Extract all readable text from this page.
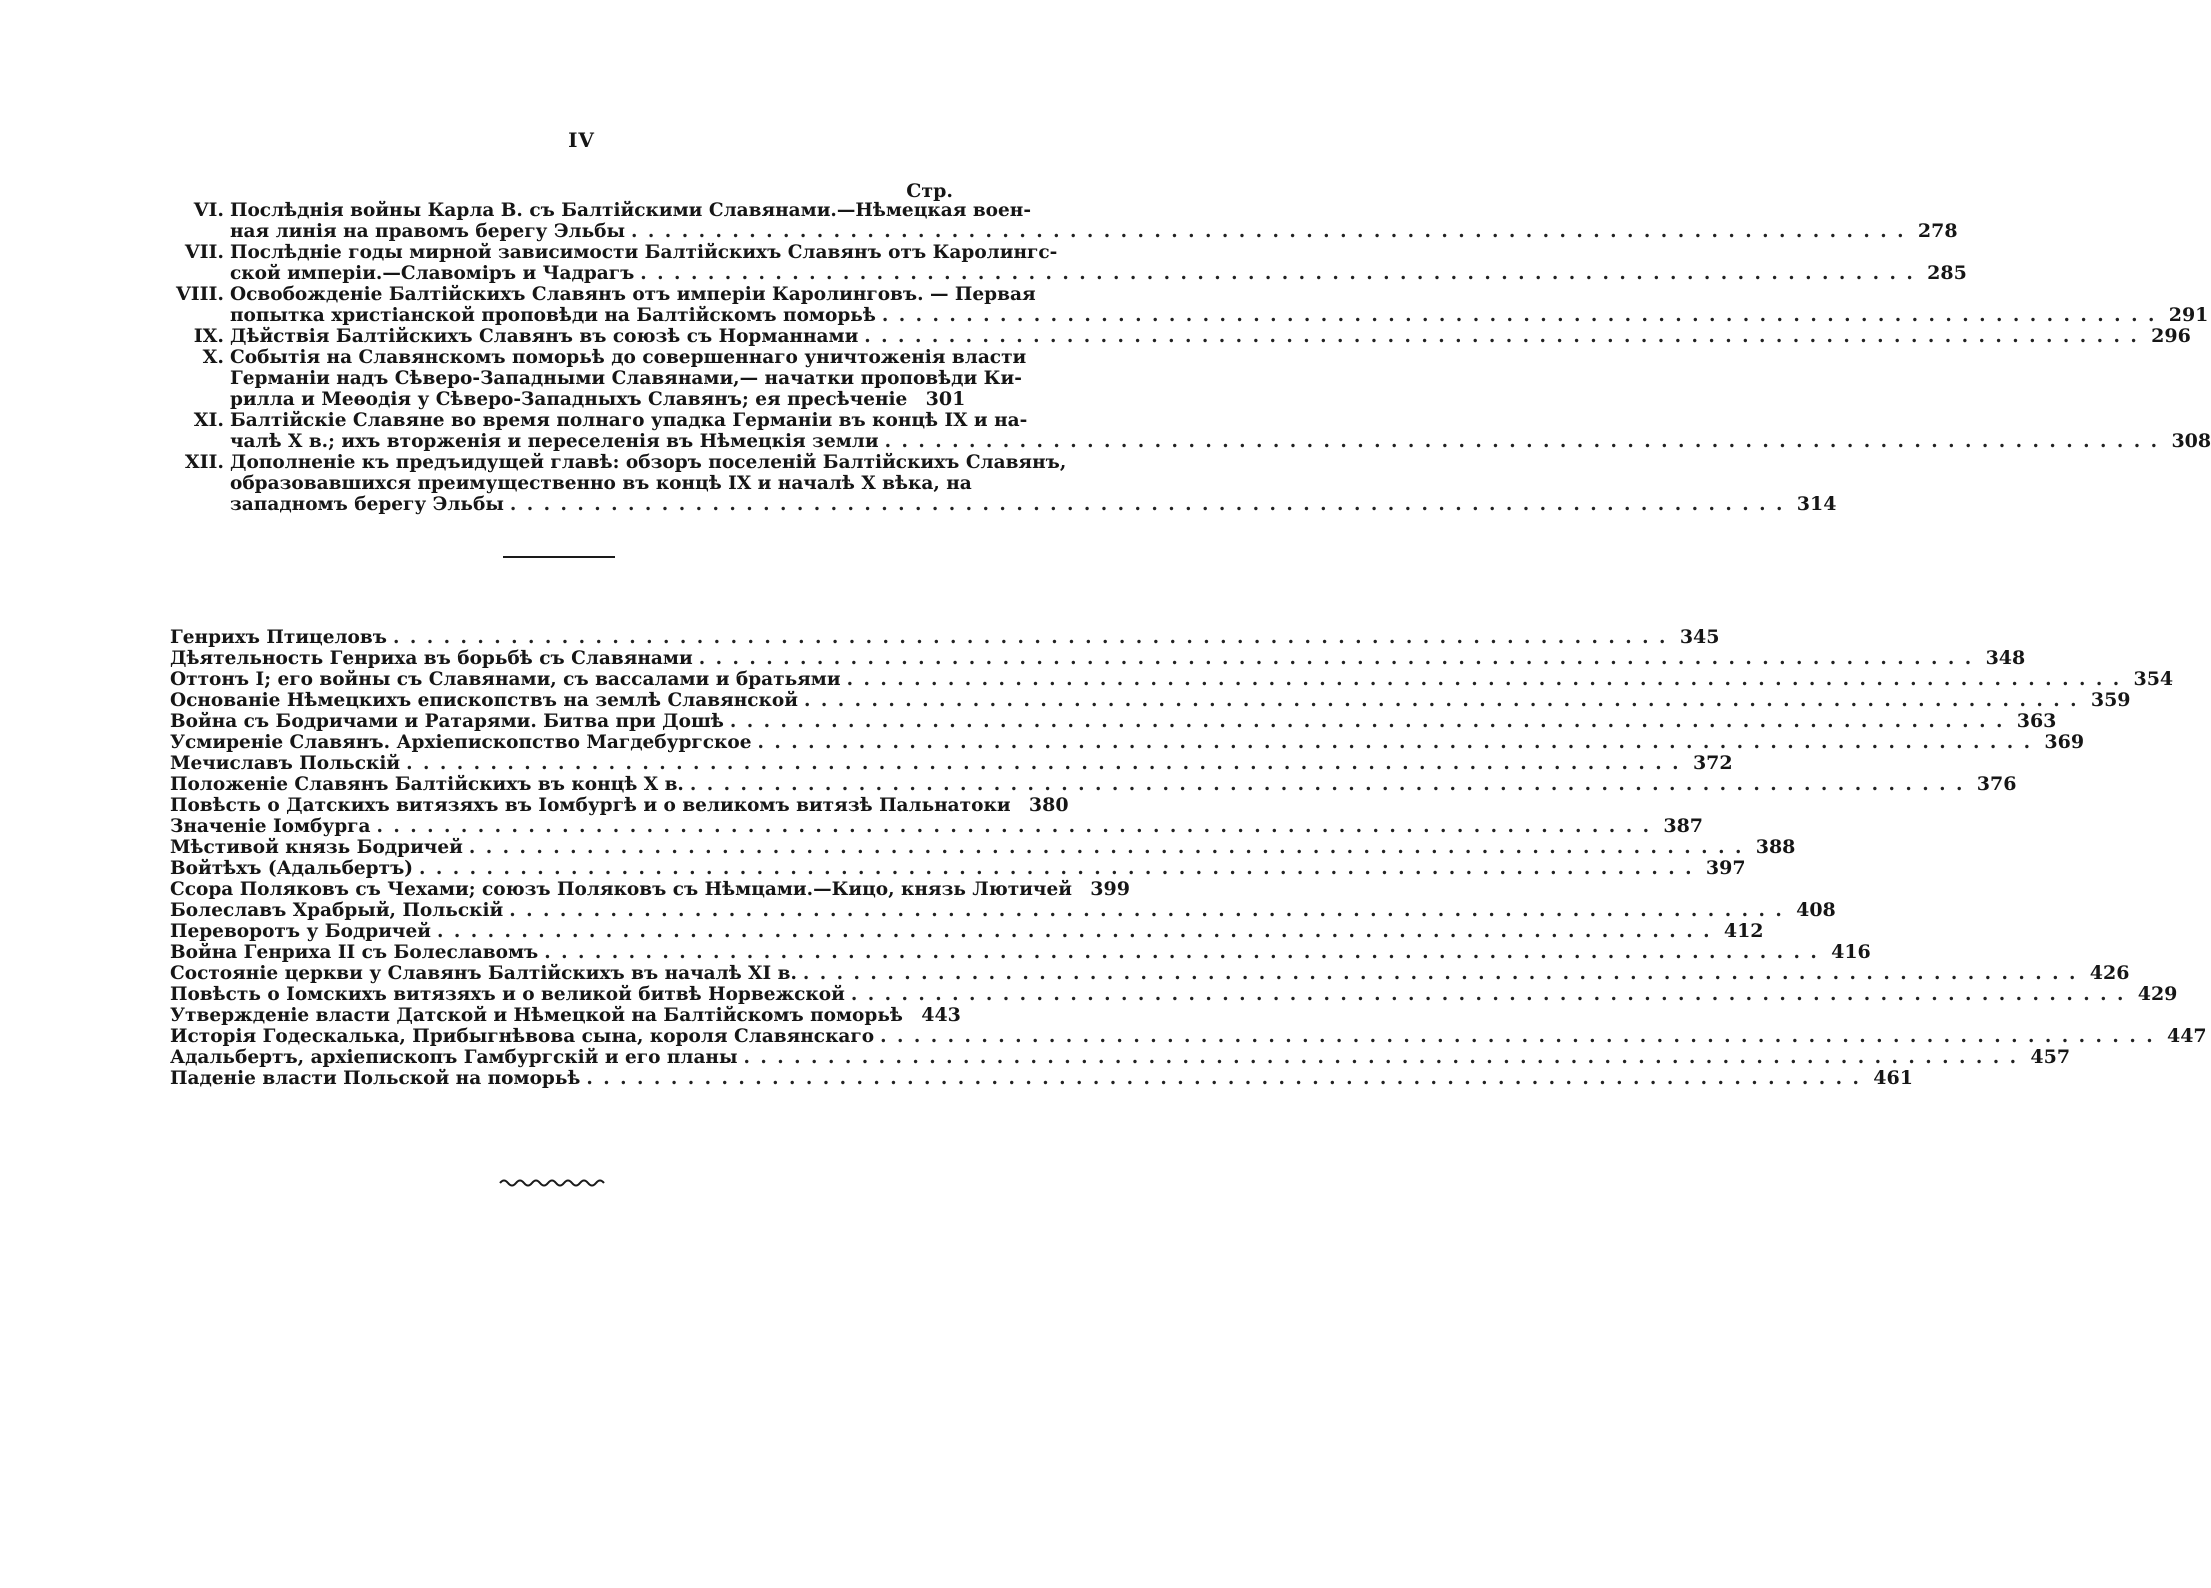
IV
Стр.
VI. Послѣднія войны Карла В. съ Балтійскими Славянами.—Нѣмецкая воен-
ная линія на правомъ берегу Эльбы . . .	278
VII. Послѣдніе годы мирной зависимости Балтійскихъ Славянъ отъ Каролингс-
ской имперіи.—Славоміръ и Чадрагъ . . .	285
VIII. Освобожденіе Балтійскихъ Славянъ отъ имперіи Каролинговъ. — Первая
попытка христіанской проповѣди на Балтійскомъ поморьѣ . . .	291
IX. Дѣйствія Балтійскихъ Славянъ въ союзѣ съ Норманнами . . .	296
X. Событія на Славянскомъ поморьѣ до совершеннаго уничтоженія власти
Германіи надъ Сѣверо-Западными Славянами,— начатки проповѣди Ки-
рилла и Меѳодія у Сѣверо-Западныхъ Славянъ; ея пресѣченіе 301
XI. Балтійскіе Славяне во время полнаго упадка Германіи въ концѣ IX и на-
чалѣ X в.; ихъ вторженія и переселенія въ Нѣмецкія земли . . .	308
XII. Дополненіе къ предъидущей главѣ: обзоръ поселеній Балтійскихъ Славянъ,
образовавшихся преимущественно въ концѣ IX и началѣ X вѣка, на
западномъ берегу Эльбы . . .	314
Генрихъ Птицеловъ . . .	345
Дѣятельность Генриха въ борьбѣ съ Славянами . . .	348
Оттонъ I; его войны съ Славянами, съ вассалами и братьями . . .	354
Основаніе Нѣмецкихъ епископствъ на землѣ Славянской . . .	359
Война съ Бодричами и Ратарями. Битва при Дошѣ . . .	363
Усмиреніе Славянъ. Архіепископство Магдебургское . . .	369
Мечиславъ Польскій . . .	372
Положеніе Славянъ Балтійскихъ въ концѣ X в. . . .	376
Повѣсть о Датскихъ витязяхъ въ Іомбургѣ и о великомъ витязѣ Пальнатоки 380
Значеніе Іомбурга . . .	387
Мѣстивой князь Бодричей . . .	388
Войтѣхъ (Адальбертъ) . . .	397
Ссора Поляковъ съ Чехами; союзъ Поляковъ съ Нѣмцами.—Кицо, князь Лютичей 399
Болеславъ Храбрый, Польскій . . .	408
Переворотъ у Бодричей . . .	412
Война Генриха II съ Болеславомъ . . .	416
Состояніе церкви у Славянъ Балтійскихъ въ началѣ XI в. . . .	426
Повѣсть о Іомскихъ витязяхъ и о великой битвѣ Норвежской . . .	429
Утвержденіе власти Датской и Нѣмецкой на Балтійскомъ поморьѣ 443
Исторія Годескалька, Прибыгнѣвова сына, короля Славянскаго . . .	447
Адальбертъ, архіепископъ Гамбургскій и его планы . . .	457
Паденіе власти Польской на поморьѣ . . .	461
